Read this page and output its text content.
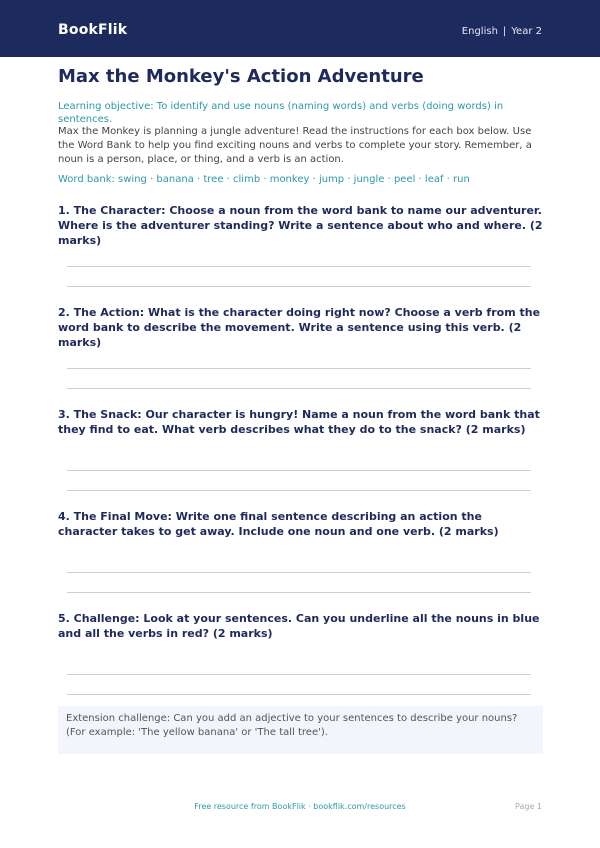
BookFlik	English | Year 2
Max the Monkey's Action Adventure
Learning objective: To identify and use nouns (naming words) and verbs (doing words) in sentences.
Max the Monkey is planning a jungle adventure! Read the instructions for each box below. Use the Word Bank to help you find exciting nouns and verbs to complete your story. Remember, a noun is a person, place, or thing, and a verb is an action.
Word bank: swing · banana · tree · climb · monkey · jump · jungle · peel · leaf · run

1. The Character: Choose a noun from the word bank to name our adventurer. Where is the adventurer standing? Write a sentence about who and where. (2 marks)

2. The Action: What is the character doing right now? Choose a verb from the word bank to describe the movement. Write a sentence using this verb. (2 marks)

3. The Snack: Our character is hungry! Name a noun from the word bank that they find to eat. What verb describes what they do to the snack? (2 marks)

4. The Final Move: Write one final sentence describing an action the character takes to get away. Include one noun and one verb. (2 marks)

5. Challenge: Look at your sentences. Can you underline all the nouns in blue and all the verbs in red? (2 marks)

Extension challenge: Can you add an adjective to your sentences to describe your nouns? (For example: 'The yellow banana' or 'The tall tree').
Free resource from BookFlik · bookflik.com/resources	Page 1
